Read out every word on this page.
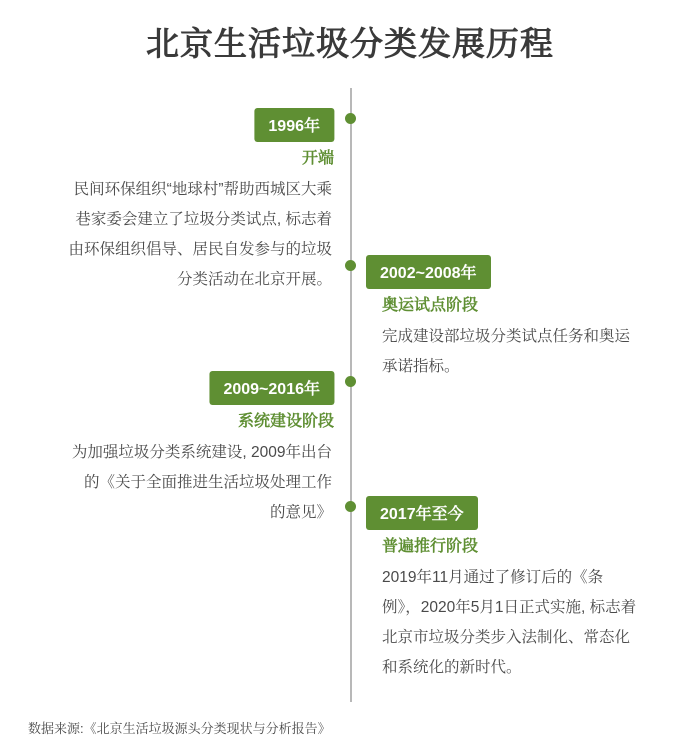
北京生活垃圾分类发展历程
1996年
开端
民间环保组织“地球村”帮助西城区大乘巷家委会建立了垃圾分类试点, 标志着由环保组织倡导、居民自发参与的垃圾分类活动在北京开展。	2002~2008年
奥运试点阶段
完成建设部垃圾分类试点任务和奥运承诺指标。
2009~2016年
系统建设阶段
为加强垃圾分类系统建设, 2009年出台的《关于全面推进生活垃圾处理工作的意见》	2017年至今
普遍推行阶段
2019年11月通过了修订后的《条例》，2020年5月1日正式实施, 标志着北京市垃圾分类步入法制化、常态化和系统化的新时代。
数据来源:《北京生活垃圾源头分类现状与分析报告》
